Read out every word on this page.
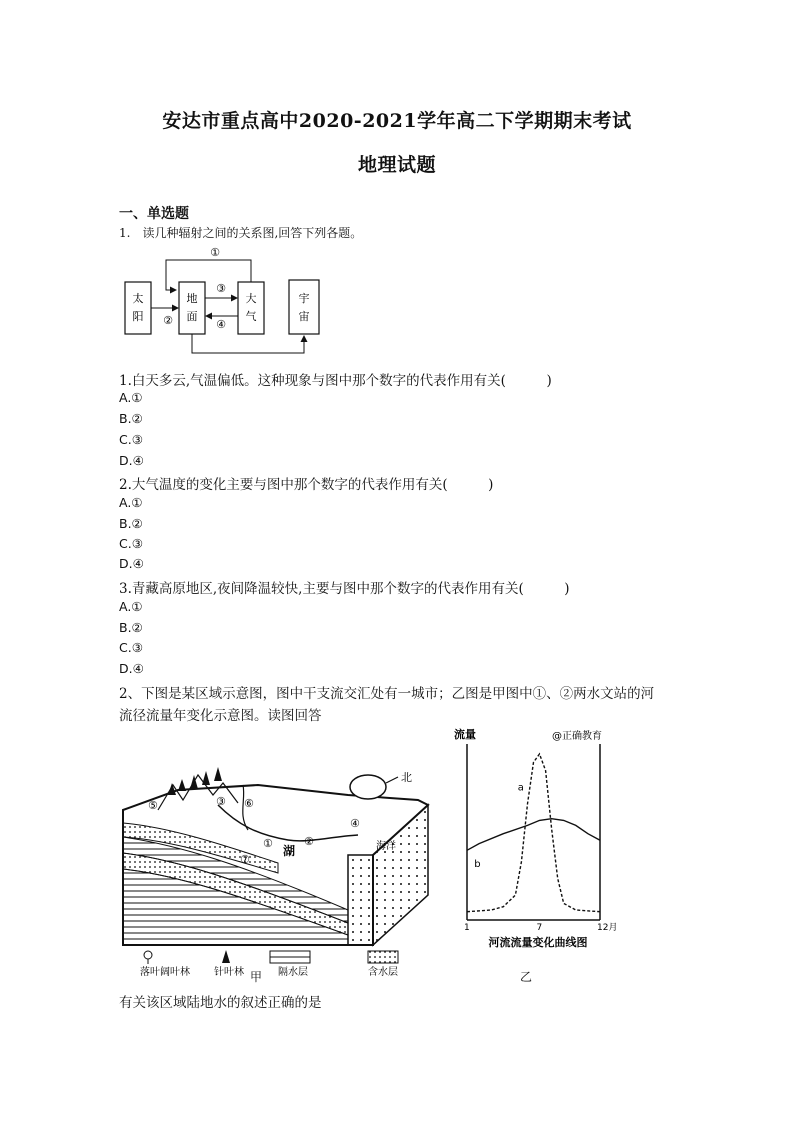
安达市重点高中2020-2021学年高二下学期期末考试
地理试题
一、单选题
1.　读几种辐射之间的关系图,回答下列各题。
太
阳
地
面
大
气
宇
宙
②
③
④
①
1.白天多云,气温偏低。这种现象与图中那个数字的代表作用有关(　　　)
A.①
B.②
C.③
D.④
2.大气温度的变化主要与图中那个数字的代表作用有关(　　　)
A.①
B.②
C.③
D.④
3.青藏高原地区,夜间降温较快,主要与图中那个数字的代表作用有关(　　　)
A.①
B.②
C.③
D.④
2、下图是某区域示意图，图中干支流交汇处有一城市；乙图是甲图中①、②两水文站的河
流径流量年变化示意图。读图回答
北
①	②
③
④
⑤	⑥
⑦
湖	海洋
落叶阔叶林 针叶林	隔水层	含水层
甲
流量	@正确教育
a
b
1	7	12月
河流流量变化曲线图
乙
有关该区域陆地水的叙述正确的是
